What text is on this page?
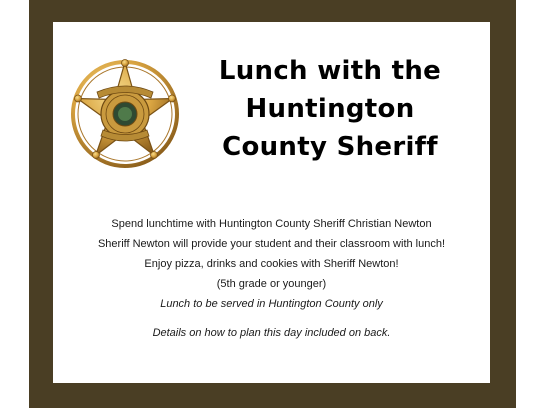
Lunch with the
Huntington
County Sheriff

Spend lunchtime with Huntington County Sheriff Christian Newton

Sheriff Newton will provide your student and their classroom with lunch!

Enjoy pizza, drinks and cookies with Sheriff Newton!

(5th grade or younger)

Lunch to be served in Huntington County only

Details on how to plan this day included on back.
